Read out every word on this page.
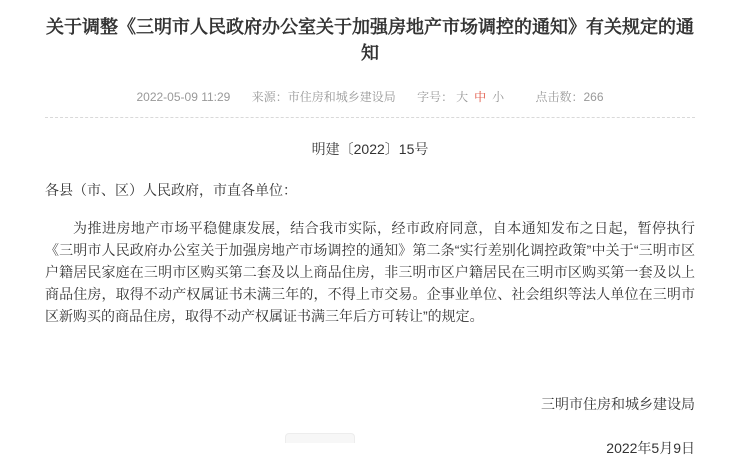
关于调整《三明市人民政府办公室关于加强房地产市场调控的通知》有关规定的通知
2022-05-09 11:29 来源：市住房和城乡建设局 字号： 大 中 小	点击数：266
明建〔2022〕15号
各县（市、区）人民政府，市直各单位：

为推进房地产市场平稳健康发展，结合我市实际，经市政府同意，自本通知发布之日起，暂停执行《三明市人民政府办公室关于加强房地产市场调控的通知》第二条“实行差别化调控政策”中关于“三明市区户籍居民家庭在三明市区购买第二套及以上商品住房，非三明市区户籍居民在三明市区购买第一套及以上商品住房，取得不动产权属证书未满三年的，不得上市交易。企事业单位、社会组织等法人单位在三明市区新购买的商品住房，取得不动产权属证书满三年后方可转让”的规定。

三明市住房和城乡建设局
2022年5月9日
